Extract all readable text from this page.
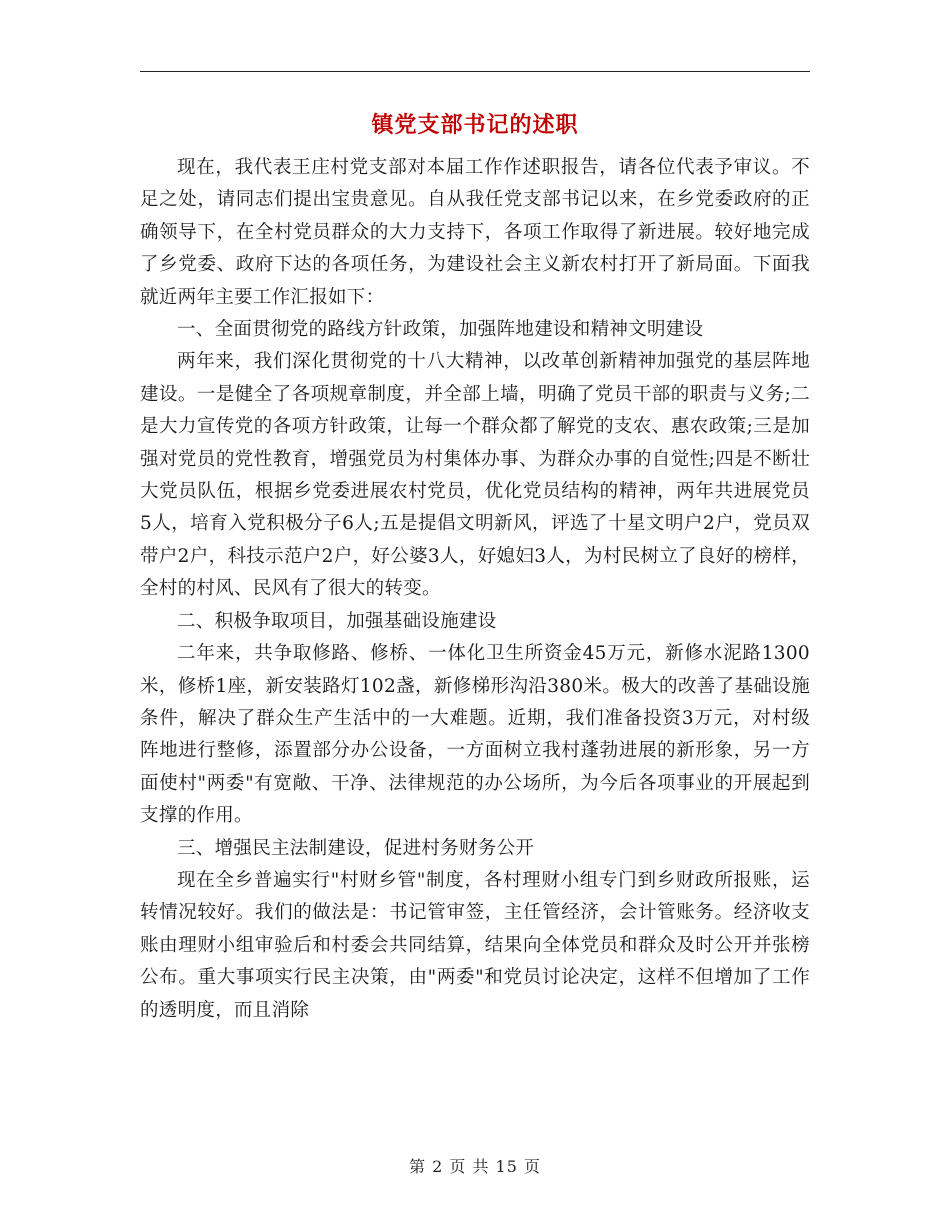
镇党支部书记的述职

现在，我代表王庄村党支部对本届工作作述职报告，请各位代表予审议。不足之处，请同志们提出宝贵意见。自从我任党支部书记以来，在乡党委政府的正确领导下，在全村党员群众的大力支持下，各项工作取得了新进展。较好地完成了乡党委、政府下达的各项任务，为建设社会主义新农村打开了新局面。下面我就近两年主要工作汇报如下：

一、全面贯彻党的路线方针政策，加强阵地建设和精神文明建设

两年来，我们深化贯彻党的十八大精神，以改革创新精神加强党的基层阵地建设。一是健全了各项规章制度，并全部上墙，明确了党员干部的职责与义务;二是大力宣传党的各项方针政策，让每一个群众都了解党的支农、惠农政策;三是加强对党员的党性教育，增强党员为村集体办事、为群众办事的自觉性;四是不断壮大党员队伍，根据乡党委进展农村党员，优化党员结构的精神，两年共进展党员5人，培育入党积极分子6人;五是提倡文明新风，评选了十星文明户2户，党员双带户2户，科技示范户2户，好公婆3人，好媳妇3人，为村民树立了良好的榜样，全村的村风、民风有了很大的转变。

二、积极争取项目，加强基础设施建设

二年来，共争取修路、修桥、一体化卫生所资金45万元，新修水泥路1300米，修桥1座，新安装路灯102盏，新修梯形沟沿380米。极大的改善了基础设施条件，解决了群众生产生活中的一大难题。近期，我们准备投资3万元，对村级阵地进行整修，添置部分办公设备，一方面树立我村蓬勃进展的新形象，另一方面使村"两委"有宽敞、干净、法律规范的办公场所，为今后各项事业的开展起到支撑的作用。

三、增强民主法制建设，促进村务财务公开

现在全乡普遍实行"村财乡管"制度，各村理财小组专门到乡财政所报账，运转情况较好。我们的做法是：书记管审签，主任管经济，会计管账务。经济收支账由理财小组审验后和村委会共同结算，结果向全体党员和群众及时公开并张榜公布。重大事项实行民主决策，由"两委"和党员讨论决定，这样不但增加了工作的透明度，而且消除

第 2 页 共 15 页
